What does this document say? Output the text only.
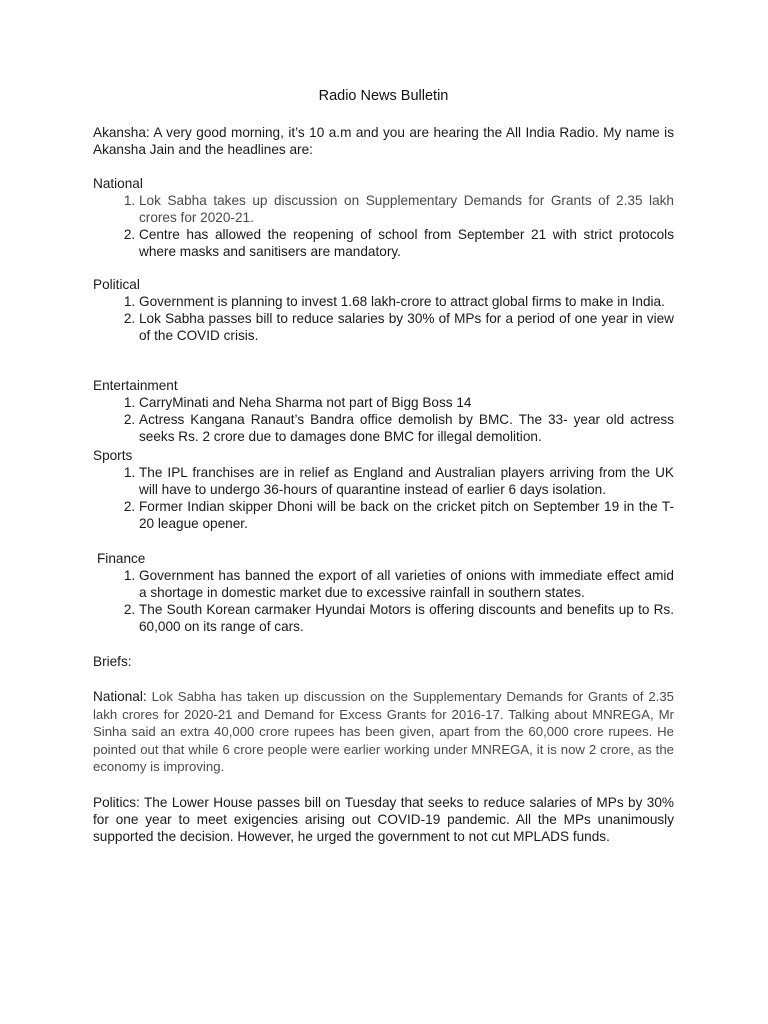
Radio News Bulletin

Akansha: A very good morning, it’s 10 a.m and you are hearing the All India Radio. My name is Akansha Jain and the headlines are:

National
1. Lok Sabha takes up discussion on Supplementary Demands for Grants of 2.35 lakh crores for 2020-21.
2. Centre has allowed the reopening of school from September 21 with strict protocols where masks and sanitisers are mandatory.
Political
1. Government is planning to invest 1.68 lakh-crore to attract global firms to make in India.
2. Lok Sabha passes bill to reduce salaries by 30% of MPs for a period of one year in view of the COVID crisis.
Entertainment
1. CarryMinati and Neha Sharma not part of Bigg Boss 14
2. Actress Kangana Ranaut’s Bandra office demolish by BMC. The 33- year old actress seeks Rs. 2 crore due to damages done BMC for illegal demolition.
Sports
1. The IPL franchises are in relief as England and Australian players arriving from the UK will have to undergo 36-hours of quarantine instead of earlier 6 days isolation.
2. Former Indian skipper Dhoni will be back on the cricket pitch on September 19 in the T-20 league opener.
Finance
1. Government has banned the export of all varieties of onions with immediate effect amid a shortage in domestic market due to excessive rainfall in southern states.
2. The South Korean carmaker Hyundai Motors is offering discounts and benefits up to Rs. 60,000 on its range of cars.
Briefs:

National: Lok Sabha has taken up discussion on the Supplementary Demands for Grants of 2.35 lakh crores for 2020-21 and Demand for Excess Grants for 2016-17. Talking about MNREGA, Mr Sinha said an extra 40,000 crore rupees has been given, apart from the 60,000 crore rupees. He pointed out that while 6 crore people were earlier working under MNREGA, it is now 2 crore, as the economy is improving.

Politics: The Lower House passes bill on Tuesday that seeks to reduce salaries of MPs by 30% for one year to meet exigencies arising out COVID-19 pandemic. All the MPs unanimously supported the decision. However, he urged the government to not cut MPLADS funds.
